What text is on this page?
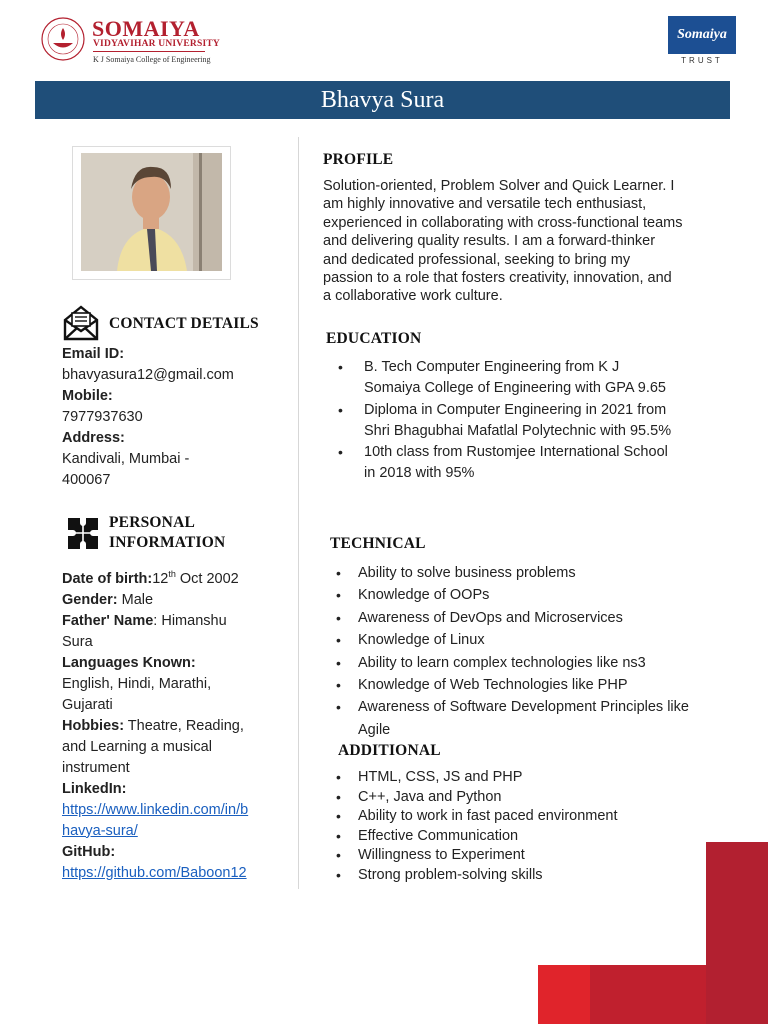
SOMAIYA
VIDYAVIHAR UNIVERSITY
K J Somaiya College of Engineering
Somaiya
TRUST
Bhavya Sura
CONTACT DETAILS
Email ID:
bhavyasura12@gmail.com
Mobile:
7977937630
Address:
Kandivali, Mumbai -
400067
PERSONAL
INFORMATION
Date of birth:12th Oct 2002
Gender: Male
Father' Name: Himanshu
Sura
Languages Known:
English, Hindi, Marathi,
Gujarati
Hobbies: Theatre, Reading,
and Learning a musical
instrument
LinkedIn:
https://www.linkedin.com/in/b
havya-sura/
GitHub:
https://github.com/Baboon12
PROFILE
Solution-oriented, Problem Solver and Quick Learner. I
am highly innovative and versatile tech enthusiast,
experienced in collaborating with cross-functional teams
and delivering quality results. I am a forward-thinker
and dedicated professional, seeking to bring my
passion to a role that fosters creativity, innovation, and
a collaborative work culture.
EDUCATION
• B. Tech Computer Engineering from K J
Somaiya College of Engineering with GPA 9.65
• Diploma in Computer Engineering in 2021 from
Shri Bhagubhai Mafatlal Polytechnic with 95.5%
• 10th class from Rustomjee International School
in 2018 with 95%
TECHNICAL
• Ability to solve business problems
• Knowledge of OOPs
• Awareness of DevOps and Microservices
• Knowledge of Linux
• Ability to learn complex technologies like ns3
• Knowledge of Web Technologies like PHP
• Awareness of Software Development Principles like
Agile
ADDITIONAL
• HTML, CSS, JS and PHP
• C++, Java and Python
• Ability to work in fast paced environment
• Effective Communication
• Willingness to Experiment
• Strong problem-solving skills
